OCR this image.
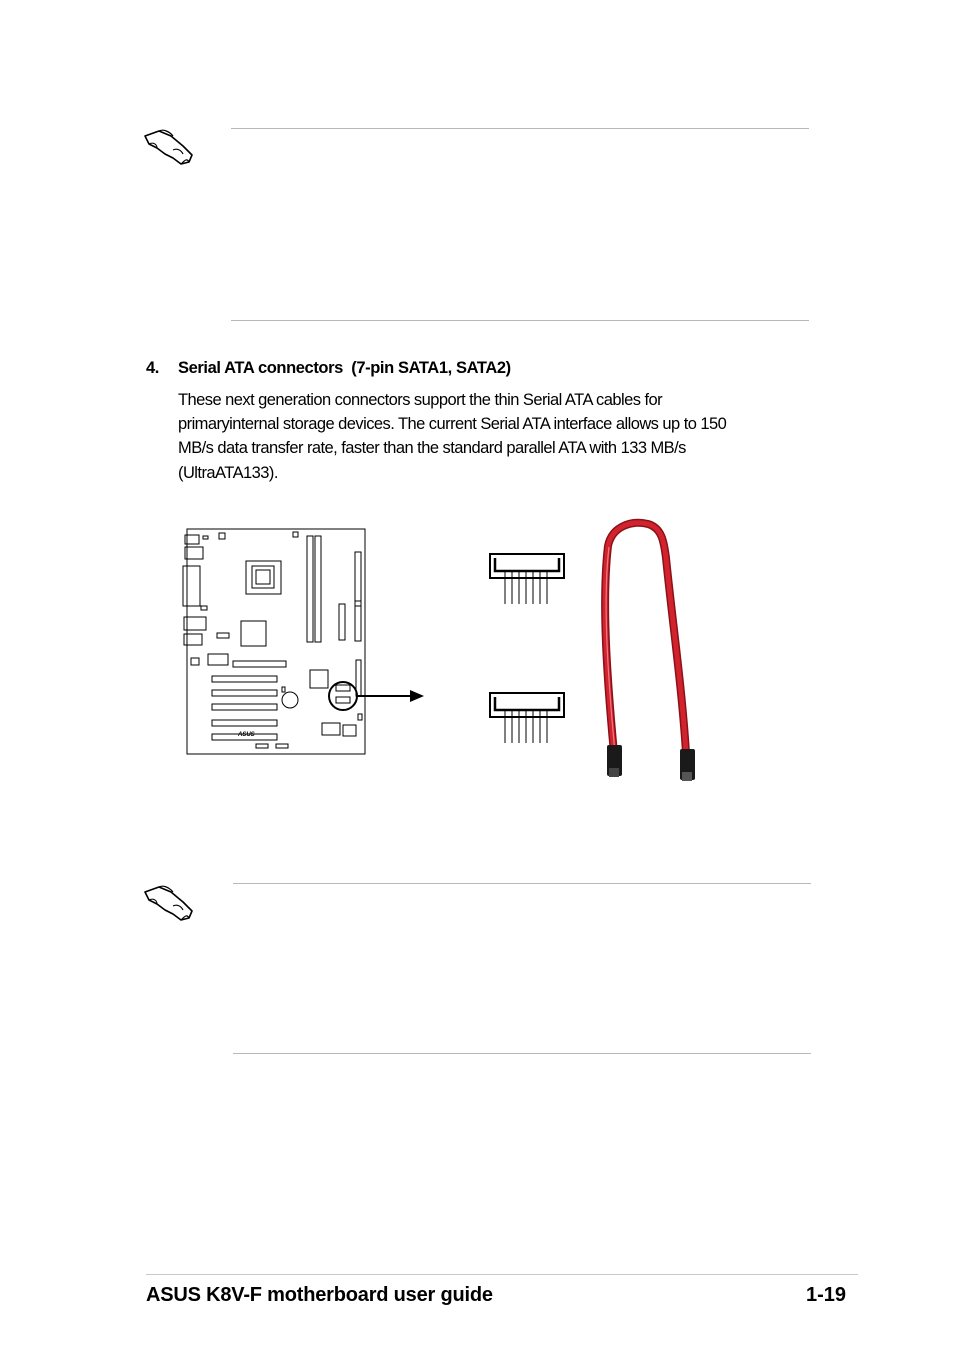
4. Serial ATA connectors (7-pin SATA1, SATA2)

These next generation connectors support the thin Serial ATA cables for

primaryinternal storage devices. The current Serial ATA interface allows up to 150

MB/s data transfer rate, faster than the standard parallel ATA with 133 MB/s

(UltraATA133).

ASUS
ASUS K8V-F motherboard user guide	1-19
